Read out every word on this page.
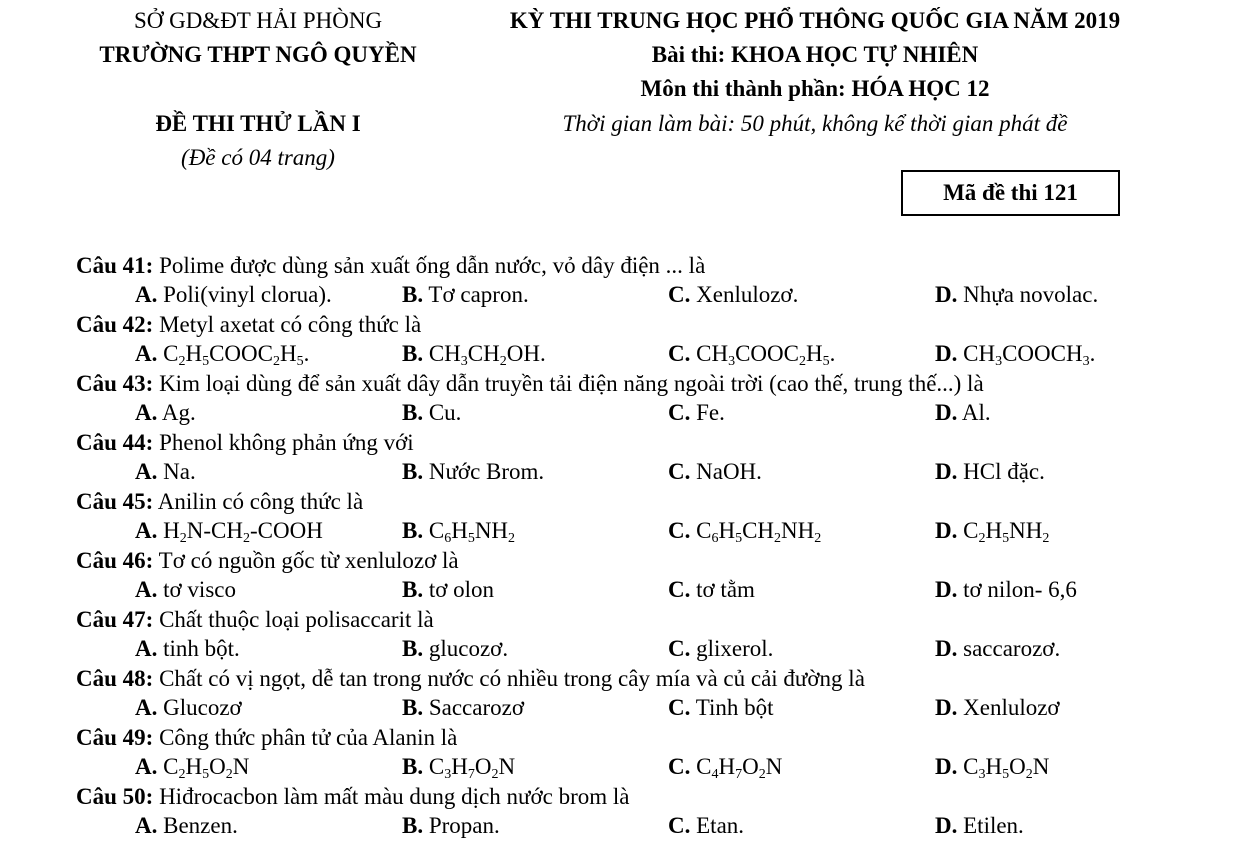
SỞ GD&ĐT HẢI PHÒNG
TRƯỜNG THPT NGÔ QUYỀN
ĐỀ THI THỬ LẦN I
(Đề có 04 trang)
KỲ THI TRUNG HỌC PHỔ THÔNG QUỐC GIA NĂM 2019
Bài thi: KHOA HỌC TỰ NHIÊN
Môn thi thành phần: HÓA HỌC 12
Thời gian làm bài: 50 phút, không kể thời gian phát đề
Mã đề thi 121
Câu 41: Polime được dùng sản xuất ống dẫn nước, vỏ dây điện ... là
A. Poli(vinyl clorua).	B. Tơ capron.	C. Xenlulozơ.	D. Nhựa novolac.
Câu 42: Metyl axetat có công thức là
A. $C_2H_5COOC_2H_5$.	B. $CH_3CH_2OH$.	C. $CH_3COOC_2H_5$.	D. $CH_3COOCH_3$.
Câu 43: Kim loại dùng để sản xuất dây dẫn truyền tải điện năng ngoài trời (cao thế, trung thế...) là
A. Ag.	B. Cu.	C. Fe.	D. Al.
Câu 44: Phenol không phản ứng với
A. Na.	B. Nước Brom.	C. NaOH.	D. HCl đặc.
Câu 45: Anilin có công thức là
A. $H_2N-CH_2$-COOH	B. $C_6H_5NH_2$	C. $C_6H_5CH_2NH_2$	D. $C_2H_5NH_2$
Câu 46: Tơ có nguồn gốc từ xenlulozơ là
A. tơ visco	B. tơ olon	C. tơ tằm	D. tơ nilon- 6,6
Câu 47: Chất thuộc loại polisaccarit là
A. tinh bột.	B. glucozơ.	C. glixerol.	D. saccarozơ.
Câu 48: Chất có vị ngọt, dễ tan trong nước có nhiều trong cây mía và củ cải đường là
A. Glucozơ	B. Saccarozơ	C. Tinh bột	D. Xenlulozơ
Câu 49: Công thức phân tử của Alanin là
A. $C_2H_5O_2N$	B. $C_3H_7O_2N$	C. $C_4H_7O_2N$	D. $C_3H_5O_2N$
Câu 50: Hiđrocacbon làm mất màu dung dịch nước brom là
A. Benzen.	B. Propan.	C. Etan.	D. Etilen.
